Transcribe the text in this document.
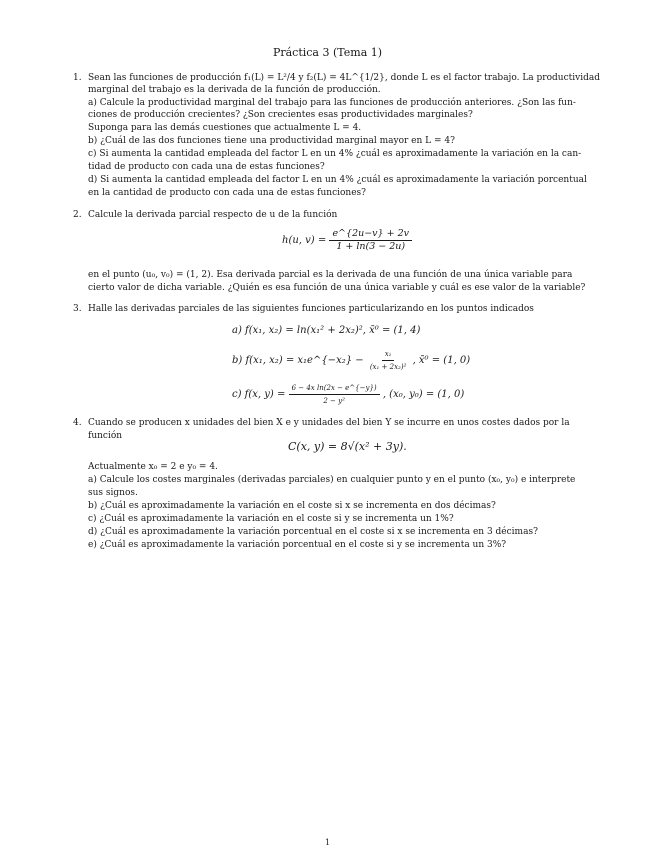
Práctica 3 (Tema 1)
1. Sean las funciones de producción f₁(L) = L²/4 y f₂(L) = 4L^{1/2}, donde L es el factor trabajo. La productividad
marginal del trabajo es la derivada de la función de producción.
a) Calcule la productividad marginal del trabajo para las funciones de producción anteriores. ¿Son las fun-
ciones de producción crecientes? ¿Son crecientes esas productividades marginales?
Suponga para las demás cuestiones que actualmente L = 4.
b) ¿Cuál de las dos funciones tiene una productividad marginal mayor en L = 4?
c) Si aumenta la cantidad empleada del factor L en un 4% ¿cuál es aproximadamente la variación en la can-
tidad de producto con cada una de estas funciones?
d) Si aumenta la cantidad empleada del factor L en un 4% ¿cuál es aproximadamente la variación porcentual
en la cantidad de producto con cada una de estas funciones?
2. Calcule la derivada parcial respecto de u de la función
h(u, $v) = \frac{e\^{}\{2u-v\} + 2v}{1 + \ln(3 - 2u)}$
en el punto (u₀, v₀) = (1, 2). Esa derivada parcial es la derivada de una función de una única variable para
cierto valor de dicha variable. ¿Quién es esa función de una única variable y cuál es ese valor de la variable?
3. Halle las derivadas parciales de las siguientes funciones particularizando en los puntos indicados
a) f(x₁, x₂) = ln(x₁² + 2x₂)², x̄⁰ = (1, 4)
b) f(x₁, x₂) = x₁e^{−x₂} − $\frac{\text{x₁}}{\text{(x₁ + 2x₂)²}}$ , x̄⁰ = (1, 0)
c) f(x, $y) = \frac{\text{6 − 4x ln(2x − e\textasciicircum{}\{−y\})}}{\text{2 − y²}}$ , (x₀, y₀) = (1, 0)
4. Cuando se producen x unidades del bien X e y unidades del bien Y se incurre en unos costes dados por la
función
C(x, y) = 8√(x² + 3y).
Actualmente x₀ = 2 e y₀ = 4.
a) Calcule los costes marginales (derivadas parciales) en cualquier punto y en el punto (x₀, y₀) e interprete
sus signos.
b) ¿Cuál es aproximadamente la variación en el coste si x se incrementa en dos décimas?
c) ¿Cuál es aproximadamente la variación en el coste si y se incrementa un 1%?
d) ¿Cuál es aproximadamente la variación porcentual en el coste si x se incrementa en 3 décimas?
e) ¿Cuál es aproximadamente la variación porcentual en el coste si y se incrementa un 3%?
1
